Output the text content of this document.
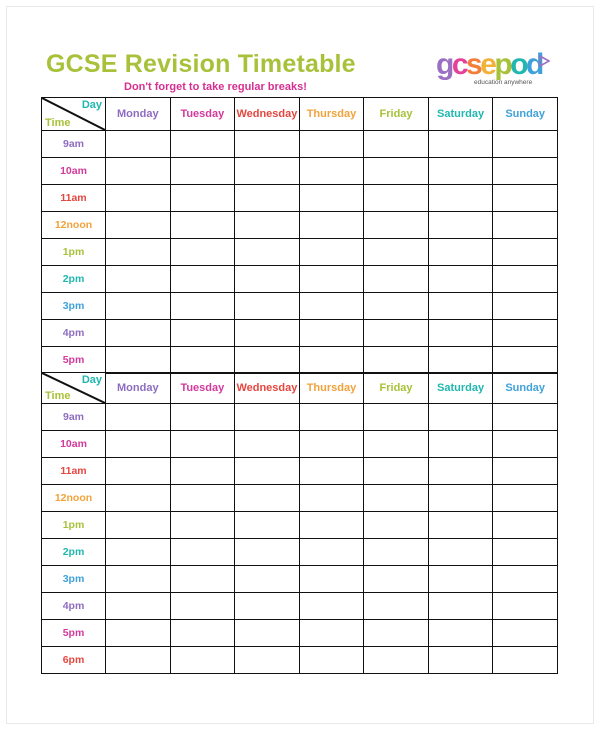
GCSE Revision Timetable
Don't forget to take regular breaks!
gcsepod
education anywhere
Day
Time	Monday	Tuesday	Wednesday	Thursday	Friday	Saturday	Sunday
9am							
10am							
11am							
12noon							
1pm							
2pm							
3pm							
4pm							
5pm							
Day
Time	Monday	Tuesday	Wednesday	Thursday	Friday	Saturday	Sunday
9am							
10am							
11am							
12noon							
1pm							
2pm							
3pm							
4pm							
5pm							
6pm							
